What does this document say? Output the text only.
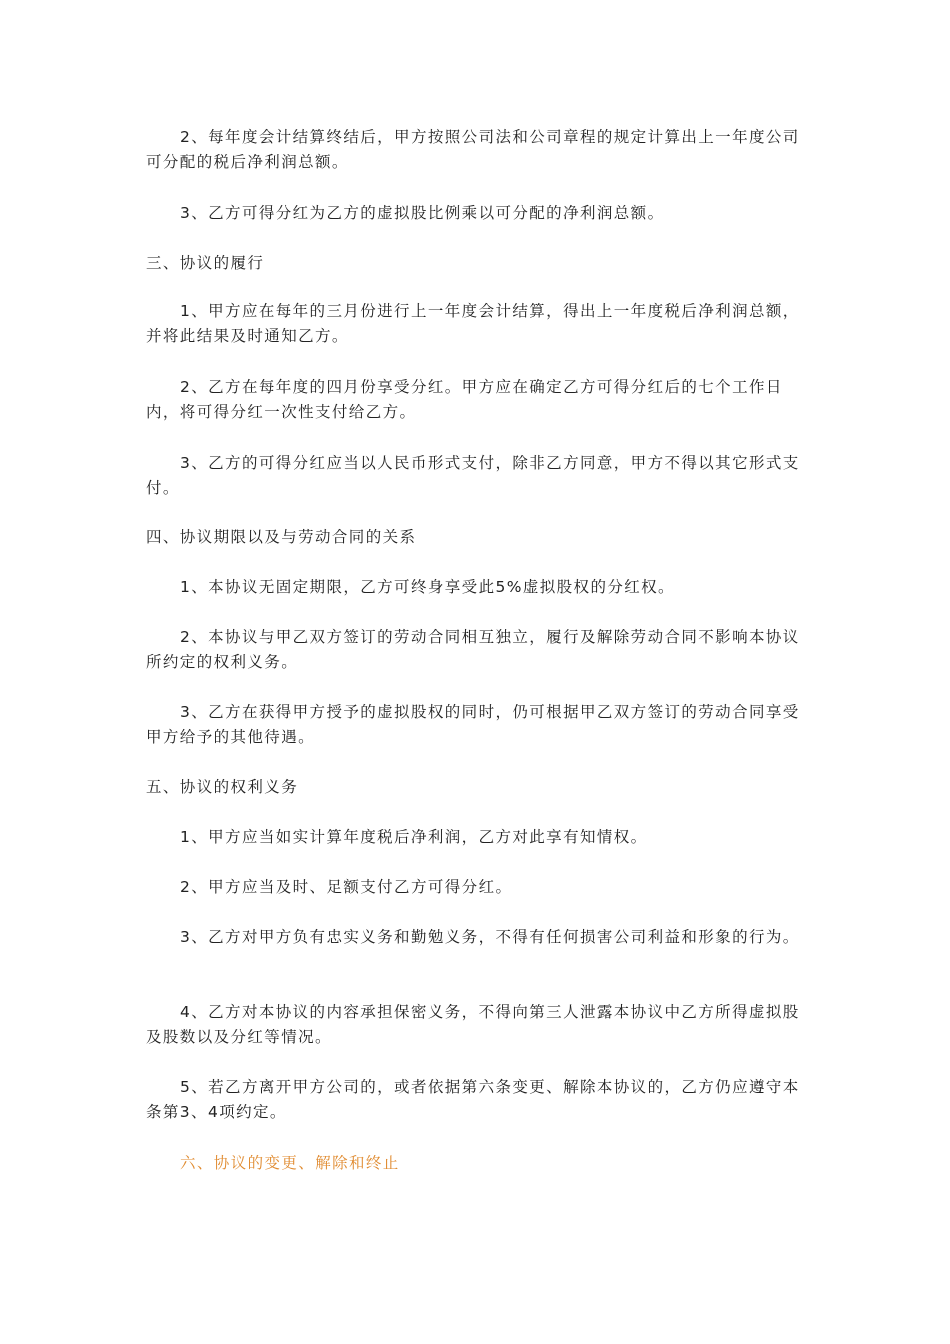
2、每年度会计结算终结后，甲方按照公司法和公司章程的规定计算出上一年度公司可分配的税后净利润总额。

3、乙方可得分红为乙方的虚拟股比例乘以可分配的净利润总额。

三、协议的履行

1、甲方应在每年的三月份进行上一年度会计结算，得出上一年度税后净利润总额，并将此结果及时通知乙方。

2、乙方在每年度的四月份享受分红。甲方应在确定乙方可得分红后的七个工作日内，将可得分红一次性支付给乙方。

3、乙方的可得分红应当以人民币形式支付，除非乙方同意，甲方不得以其它形式支付。

四、协议期限以及与劳动合同的关系

1、本协议无固定期限，乙方可终身享受此5%虚拟股权的分红权。

2、本协议与甲乙双方签订的劳动合同相互独立，履行及解除劳动合同不影响本协议所约定的权利义务。

3、乙方在获得甲方授予的虚拟股权的同时，仍可根据甲乙双方签订的劳动合同享受甲方给予的其他待遇。

五、协议的权利义务

1、甲方应当如实计算年度税后净利润，乙方对此享有知情权。

2、甲方应当及时、足额支付乙方可得分红。

3、乙方对甲方负有忠实义务和勤勉义务，不得有任何损害公司利益和形象的行为。

4、乙方对本协议的内容承担保密义务，不得向第三人泄露本协议中乙方所得虚拟股及股数以及分红等情况。

5、若乙方离开甲方公司的，或者依据第六条变更、解除本协议的，乙方仍应遵守本条第3、4项约定。

六、协议的变更、解除和终止
